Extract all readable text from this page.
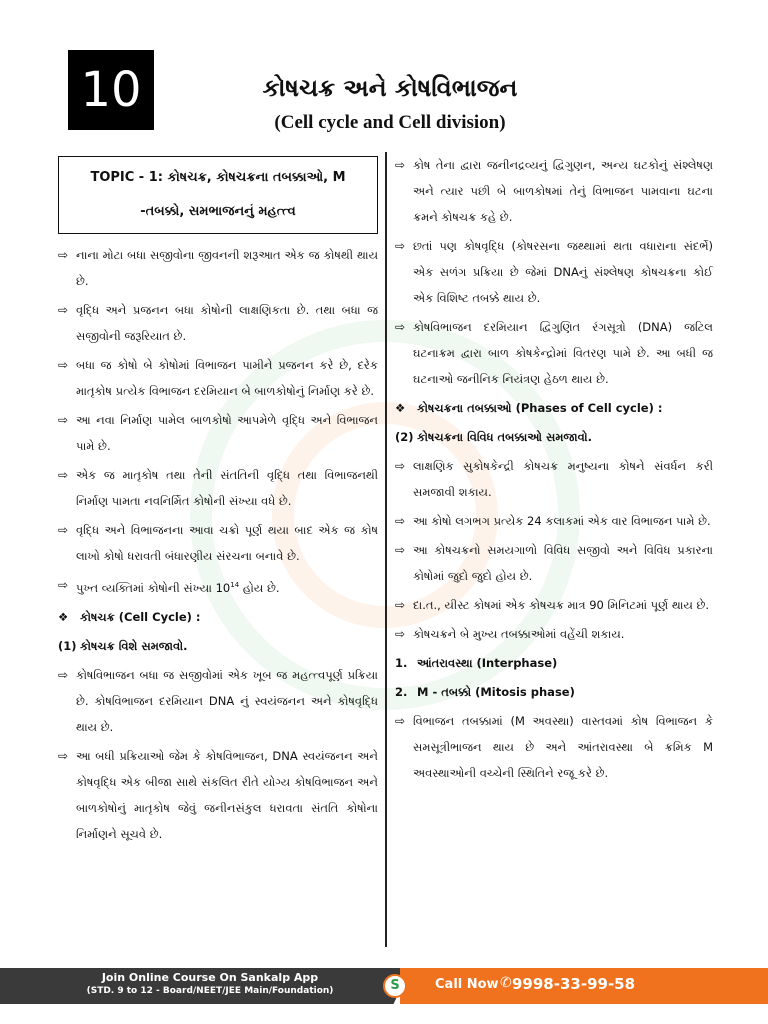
10	કોષચક્ર અને કોષવિભાજન
(Cell cycle and Cell division)
TOPIC - 1: કોષચક્ર, કોષચક્રના તબક્કાઓ, M
-તબક્કો, સમભાજનનું મહત્ત્વ
⇨ નાના મોટા બધા સજીવોના જીવનની શરૂઆત એક જ કોષથી થાય છે.
⇨ વૃદ્ધિ અને પ્રજનન બધા કોષોની લાક્ષણિકતા છે. તથા બધા જ સજીવોની જરૂરિયાત છે.
⇨ બધા જ કોષો બે કોષોમાં વિભાજન પામીને પ્રજનન કરે છે, દરેક માતૃકોષ પ્રત્યેક વિભાજન દરમિયાન બે બાળકોષોનું નિર્માણ કરે છે.
⇨ આ નવા નિર્માણ પામેલ બાળકોષો આપમેળે વૃદ્ધિ અને વિભાજન પામે છે.
⇨ એક જ માતૃકોષ તથા તેની સંતતિની વૃદ્ધિ તથા વિભાજનથી નિર્માણ પામતા નવનિર્મિત કોષોની સંખ્યા વધે છે.
⇨ વૃદ્ધિ અને વિભાજનના આવા ચક્રો પૂર્ણ થયા બાદ એક જ કોષ લાખો કોષો ધરાવતી બંધારણીય સંરચના બનાવે છે.
⇨ પુખ્ત વ્યક્તિમાં કોષોની સંખ્યા $10^{14}$ હોય છે.
❖	કોષચક્ર (Cell Cycle) :
(1) કોષચક્ર વિશે સમજાવો.
⇨ કોષવિભાજન બધા જ સજીવોમાં એક ખૂબ જ મહત્ત્વપૂર્ણ પ્રક્રિયા છે. કોષવિભાજન દરમિયાન DNA નું સ્વયંજનન અને કોષવૃદ્ધિ થાય છે.
⇨ આ બધી પ્રક્રિયાઓ જેમ કે કોષવિભાજન, DNA સ્વયંજનન અને કોષવૃદ્ધિ એક બીજા સાથે સંકલિત રીતે યોગ્ય કોષવિભાજન અને બાળકોષોનું માતૃકોષ જેવું જનીનસંકુલ ધરાવતા સંતતિ કોષોના નિર્માણને સૂચવે છે.
⇨ કોષ તેના દ્વારા જનીનદ્રવ્યનું દ્વિગુણન, અન્ય ઘટકોનું સંશ્લેષણ અને ત્યાર પછી બે બાળકોષમાં તેનું વિભાજન પામવાના ઘટના ક્રમને કોષચક્ર કહે છે.
⇨ છતાં પણ કોષવૃદ્ધિ (કોષરસના જથ્થામાં થતા વધારાના સંદર્ભે) એક સળંગ પ્રક્રિયા છે જેમાં DNAનું સંશ્લેષણ કોષચક્રના કોઈ એક વિશિષ્ટ તબક્કે થાય છે.
⇨ કોષવિભાજન દરમિયાન દ્વિગુણિત રંગસૂત્રો (DNA) જટિલ ઘટનાક્રમ દ્વારા બાળ કોષકેન્દ્રોમાં વિતરણ પામે છે. આ બધી જ ઘટનાઓ જનીનિક નિયંત્રણ હેઠળ થાય છે.
❖	કોષચક્રના તબક્કાઓ (Phases of Cell cycle) :
(2) કોષચક્રના વિવિધ તબક્કાઓ સમજાવો.
⇨ લાક્ષણિક સુકોષકેન્દ્રી કોષચક્ર મનુષ્યના કોષને સંવર્ધન કરી સમજાવી શકાય.
⇨ આ કોષો લગભગ પ્રત્યેક 24 કલાકમાં એક વાર વિભાજન પામે છે.
⇨ આ કોષચક્રનો સમયગાળો વિવિધ સજીવો અને વિવિધ પ્રકારના કોષોમાં જુદો જુદો હોય છે.
⇨ દા.ત., યીસ્ટ કોષમાં એક કોષચક્ર માત્ર 90 મિનિટમાં પૂર્ણ થાય છે.
⇨ કોષચક્રને બે મુખ્ય તબક્કાઓમાં વહેંચી શકાય.
1. આંતરાવસ્થા (Interphase)
2. M - તબક્કો (Mitosis phase)
⇨ વિભાજન તબક્કામાં (M અવસ્થા) વાસ્તવમાં કોષ વિભાજન કે સમસૂત્રીભાજન થાય છે અને આંતરાવસ્થા બે ક્રમિક M અવસ્થાઓની વચ્ચેની સ્થિતિને રજૂ કરે છે.
Join Online Course On Sankalp App
(STD. 9 to 12 - Board/NEET/JEE Main/Foundation)	S	Call Now ✆ 9998-33-99-58
